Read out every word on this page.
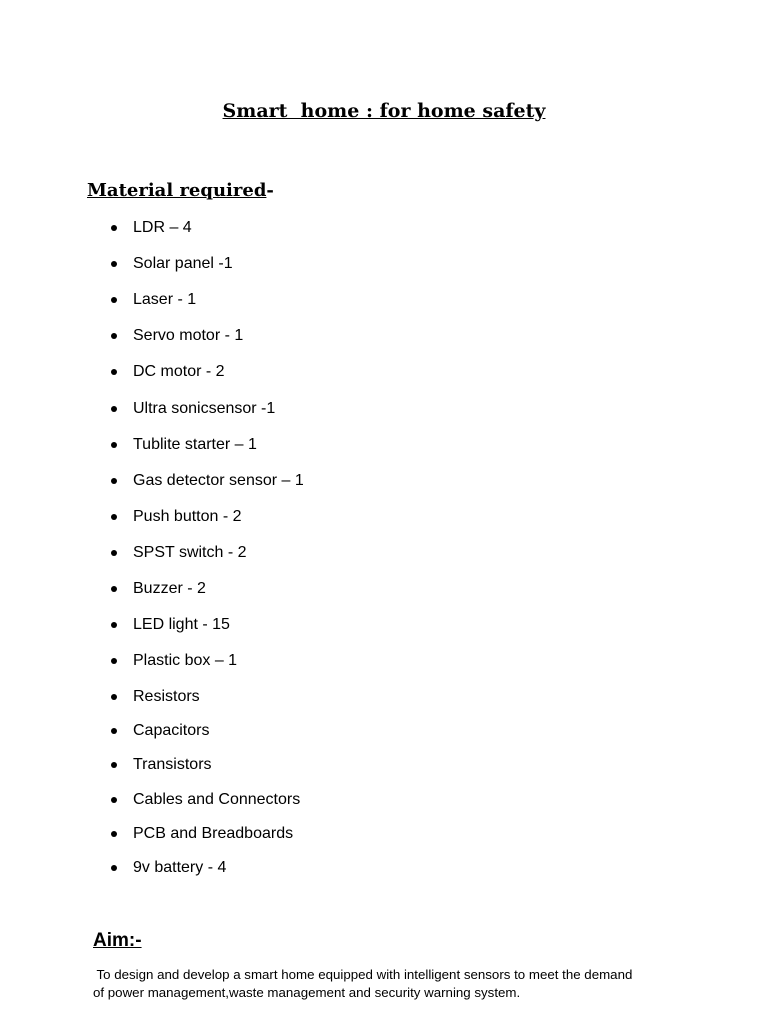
Smart  home : for home safety
Material required-
LDR – 4
Solar panel -1
Laser - 1
Servo motor - 1
DC motor - 2
Ultra sonicsensor -1
Tublite starter – 1
Gas detector sensor – 1
Push button - 2
SPST switch - 2
Buzzer - 2
LED light - 15
Plastic box – 1
Resistors
Capacitors
Transistors
Cables and Connectors
PCB and Breadboards
9v battery - 4
Aim:-

To design and develop a smart home equipped with intelligent sensors to meet the demand
of power management,waste management and security warning system.
